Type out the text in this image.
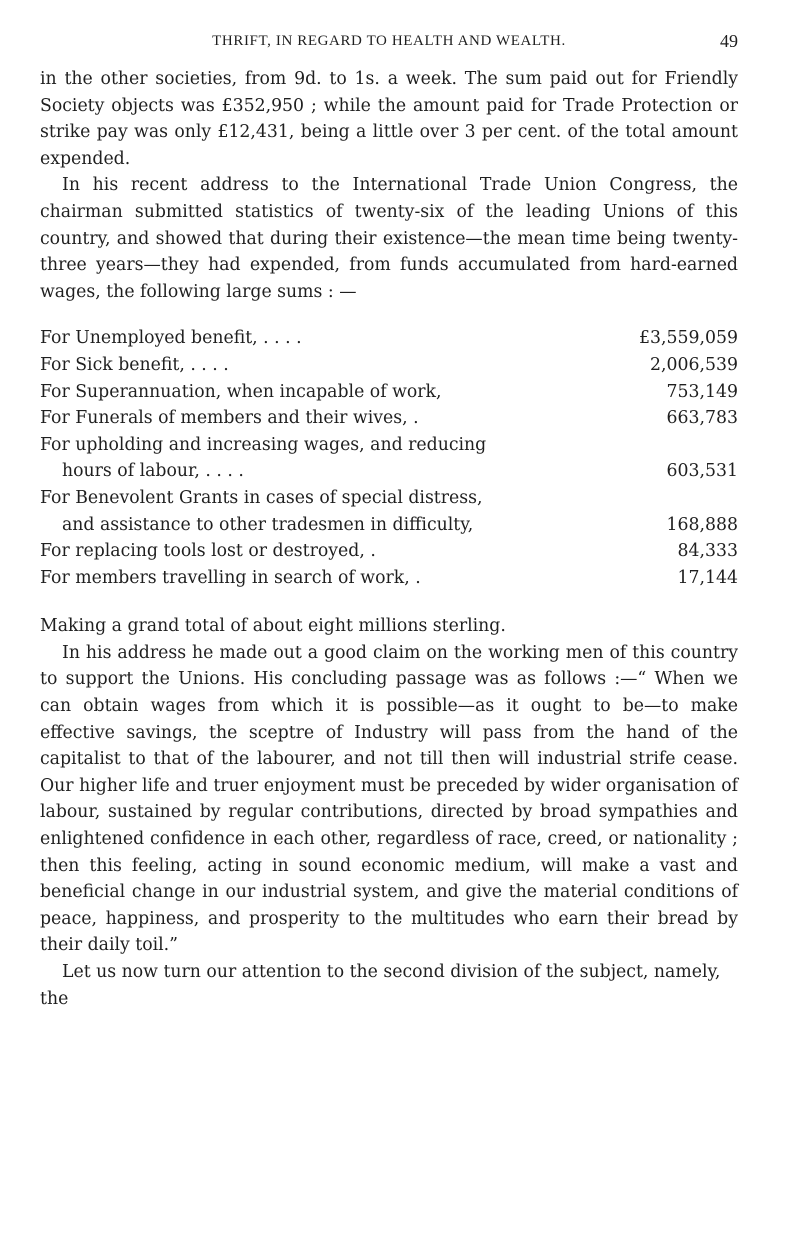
THRIFT, IN REGARD TO HEALTH AND WEALTH.	49

in the other societies, from 9d. to 1s. a week. The sum paid out for Friendly Society objects was £352,950 ; while the amount paid for Trade Protection or strike pay was only £12,431, being a little over 3 per cent. of the total amount expended.

In his recent address to the International Trade Union Congress, the chairman submitted statistics of twenty-six of the leading Unions of this country, and showed that during their existence—the mean time being twenty-three years—they had expended, from funds accumulated from hard-earned wages, the following large sums : —

For Unemployed benefit, . . . .	£3,559,059
For Sick benefit, . . . .	2,006,539
For Superannuation, when incapable of work,	753,149
For Funerals of members and their wives, .	663,783
For upholding and increasing wages, and reducing
hours of labour, . . . .	603,531
For Benevolent Grants in cases of special distress,
and assistance to other tradesmen in difficulty,	168,888
For replacing tools lost or destroyed, .	84,333
For members travelling in search of work, .	17,144

Making a grand total of about eight millions sterling.

In his address he made out a good claim on the working men of this country to support the Unions. His concluding passage was as follows :—“ When we can obtain wages from which it is possible—as it ought to be—to make effective savings, the sceptre of Industry will pass from the hand of the capitalist to that of the labourer, and not till then will industrial strife cease. Our higher life and truer enjoyment must be preceded by wider organisation of labour, sustained by regular contributions, directed by broad sympathies and enlightened confidence in each other, regardless of race, creed, or nationality ; then this feeling, acting in sound economic medium, will make a vast and beneficial change in our industrial system, and give the material conditions of peace, happiness, and prosperity to the multitudes who earn their bread by their daily toil.”

Let us now turn our attention to the second division of the subject, namely, the
